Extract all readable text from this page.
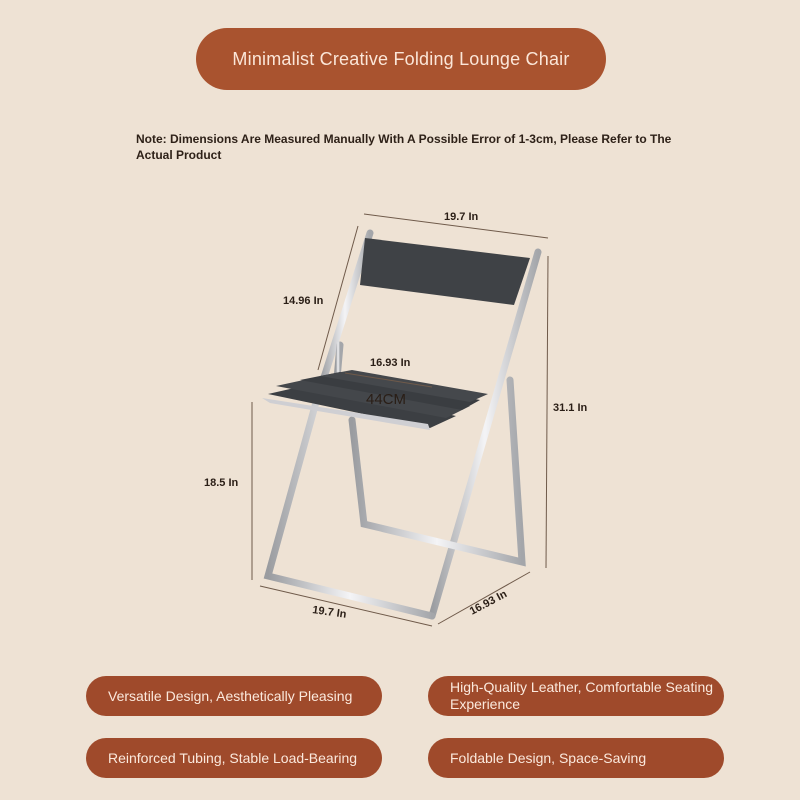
Minimalist Creative Folding Lounge Chair
Note: Dimensions Are Measured Manually With A Possible Error of 1-3cm, Please Refer to The Actual Product
19.7 In
14.96 In
16.93 In
44CM	31.1 In
18.5 In
19.7 In	16.93 In
Versatile Design, Aesthetically Pleasing
High-Quality Leather, Comfortable Seating Experience
Reinforced Tubing, Stable Load-Bearing	Foldable Design, Space-Saving
